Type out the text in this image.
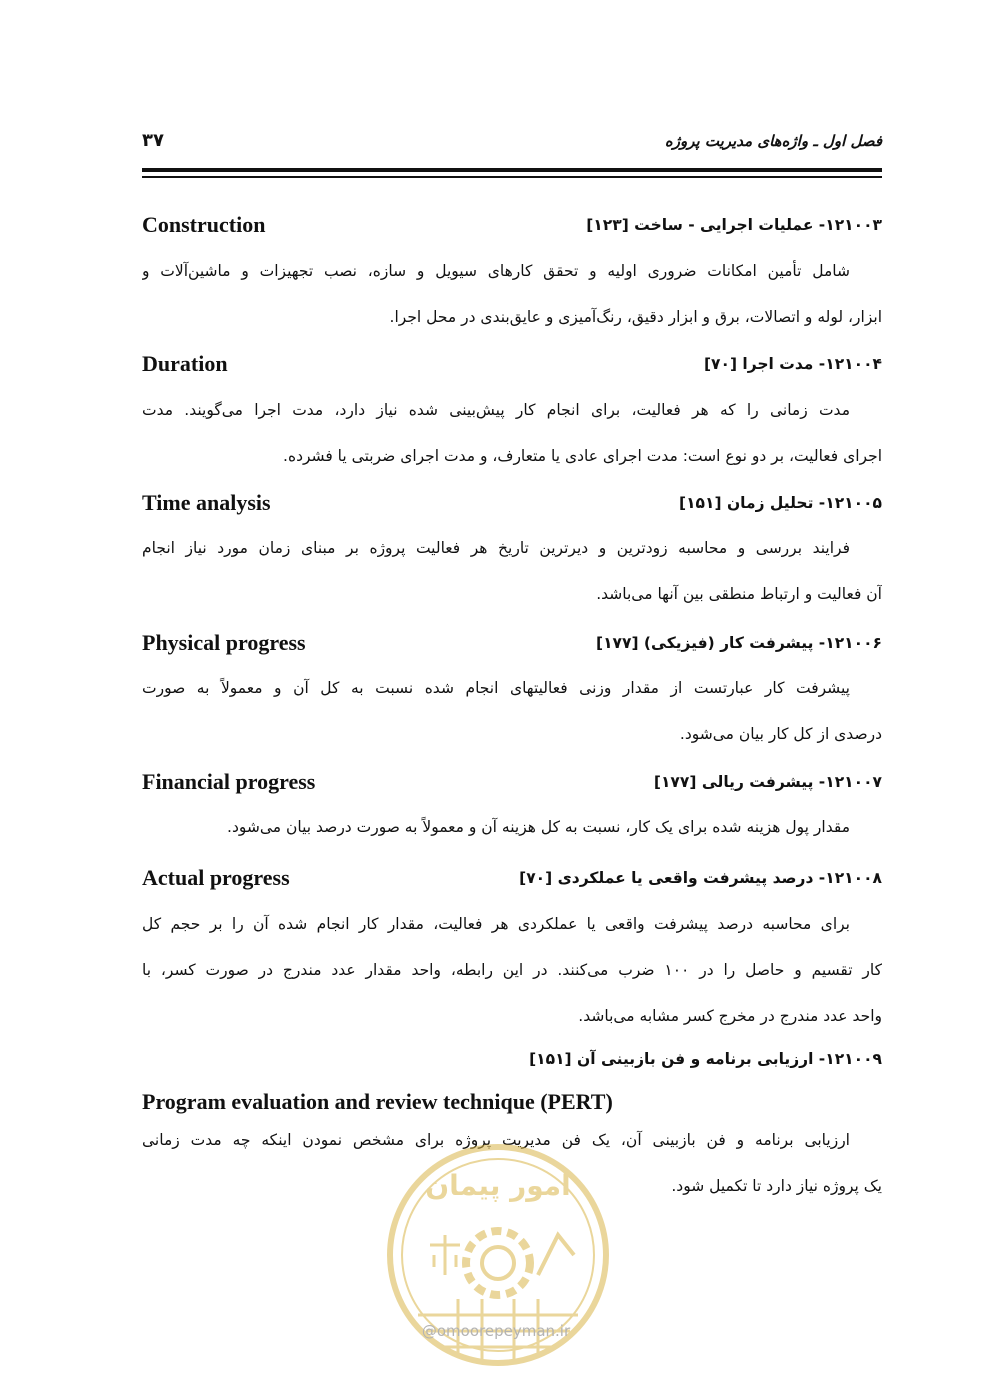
فصل اول ـ واژه‌های مدیریت پروژه
۳۷
۱۲۱۰۰۳- عملیات اجرایی - ساخت [۱۲۳]
Construction
شامل تأمین امکانات ضروری اولیه و تحقق کارهای سیویل و سازه، نصب تجهیزات و ماشین‌آلات و
ابزار، لوله و اتصالات، برق و ابزار دقیق، رنگ‌آمیزی و عایق‌بندی در محل اجرا.
۱۲۱۰۰۴- مدت اجرا [۷۰]
Duration
مدت زمانی را که هر فعالیت، برای انجام کار پیش‌بینی شده نیاز دارد، مدت اجرا می‌گویند. مدت
اجرای فعالیت، بر دو نوع است: مدت اجرای عادی یا متعارف، و مدت اجرای ضربتی یا فشرده.
۱۲۱۰۰۵- تحلیل زمان [۱۵۱]
Time analysis
فرایند بررسی و محاسبه زودترین و دیرترین تاریخ هر فعالیت پروژه بر مبنای زمان مورد نیاز انجام
آن فعالیت و ارتباط منطقی بین آنها می‌باشد.
۱۲۱۰۰۶- پیشرفت کار (فیزیکی) [۱۷۷]
Physical progress
پیشرفت کار عبارتست از مقدار وزنی فعالیتهای انجام شده نسبت به کل آن و معمولاً به صورت
درصدی از کل کار بیان می‌شود.
۱۲۱۰۰۷- پیشرفت ریالی [۱۷۷]
Financial progress
مقدار پول هزینه شده برای یک کار، نسبت به کل هزینه آن و معمولاً به صورت درصد بیان می‌شود.
۱۲۱۰۰۸- درصد پیشرفت واقعی یا عملکردی [۷۰]
Actual progress
برای محاسبه درصد پیشرفت واقعی یا عملکردی هر فعالیت، مقدار کار انجام شده آن را بر حجم کل
کار تقسیم و حاصل را در ۱۰۰ ضرب می‌کنند. در این رابطه، واحد مقدار عدد مندرج در صورت کسر، با
واحد عدد مندرج در مخرج کسر مشابه می‌باشد.
۱۲۱۰۰۹- ارزیابی برنامه و فن بازبینی آن [۱۵۱]
Program evaluation and review technique (PERT)
ارزیابی برنامه و فن بازبینی آن، یک فن مدیریت پروژه برای مشخص نمودن اینکه چه مدت زمانی
یک پروژه نیاز دارد تا تکمیل شود.
امور پیمان
@omoorepeyman.ir
